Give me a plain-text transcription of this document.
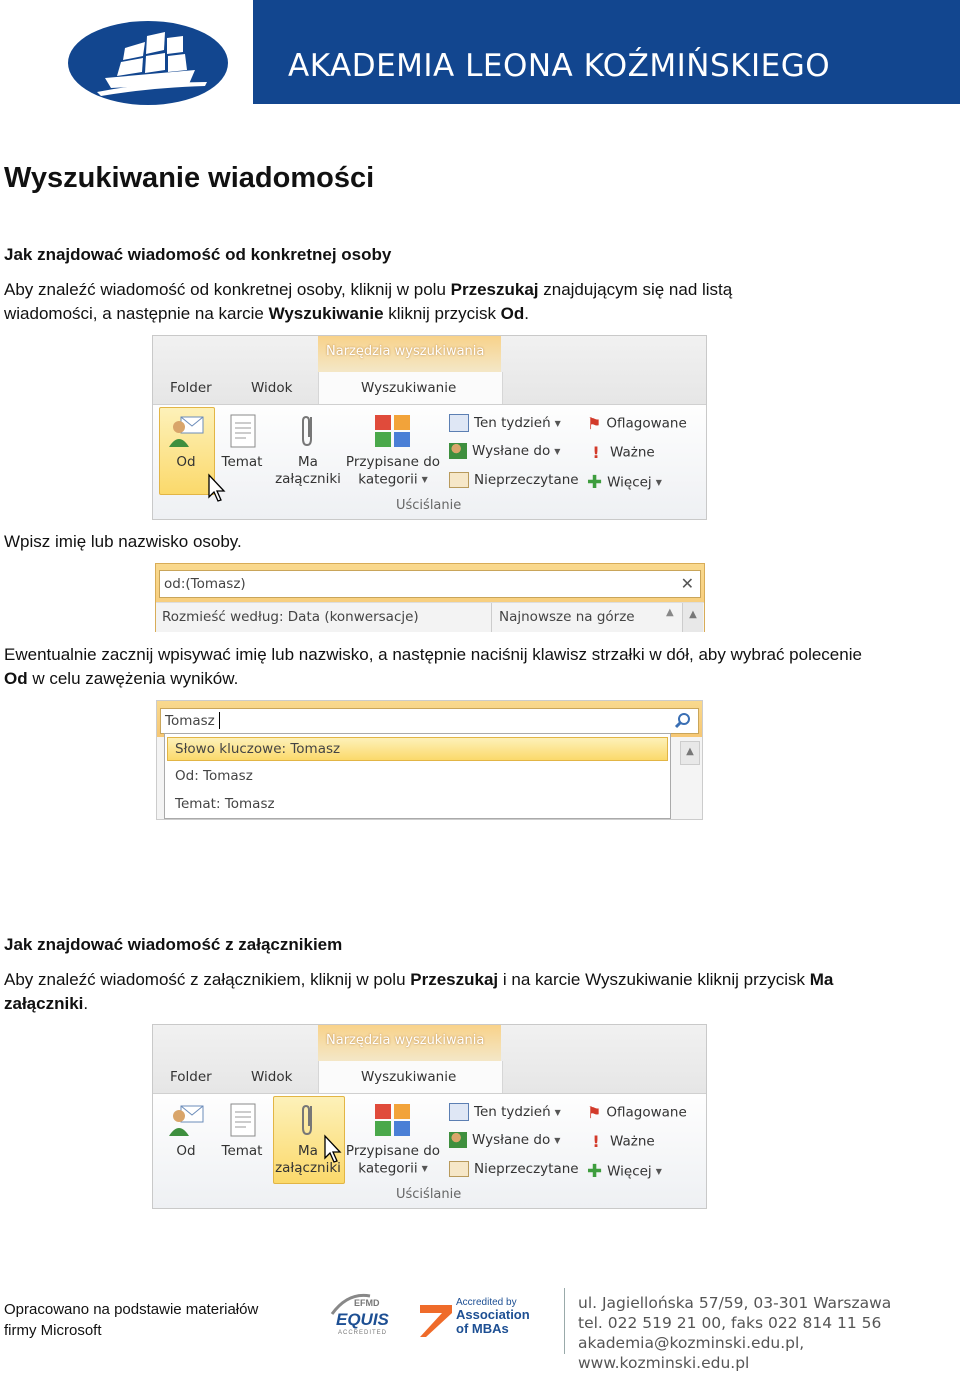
AKADEMIA LEONA KOŹMIŃSKIEGO
Wyszukiwanie wiadomości
Jak znajdować wiadomość od konkretnej osoby
Aby znaleźć wiadomość od konkretnej osoby, kliknij w polu Przeszukaj znajdującym się nad listą wiadomości, a następnie na karcie Wyszukiwanie kliknij przycisk Od.
Narzędzia wyszukiwania
Folder	Widok	Wyszukiwanie

Od	Temat	Ma
załączniki

Przypisane do
kategorii ▼
Ten tydzień ▼
Wysłane do ▼
Nieprzeczytane
⚑ Oflagowane
! Ważne
✚ Więcej ▼
Uściślanie
Wpisz imię lub nazwisko osoby.
od:(Tomasz)	✕
Rozmieść według: Data (konwersacje)	Najnowsze na górze	▲	▲
Ewentualnie zacznij wpisywać imię lub nazwisko, a następnie naciśnij klawisz strzałki w dół, aby wybrać polecenie Od w celu zawężenia wyników.
Tomasz
Słowo kluczowe: Tomasz
Od: Tomasz
Temat: Tomasz
▲
Jak znajdować wiadomość z załącznikiem
Aby znaleźć wiadomość z załącznikiem, kliknij w polu Przeszukaj i na karcie Wyszukiwanie kliknij przycisk Ma załączniki.
Narzędzia wyszukiwania
Folder	Widok	Wyszukiwanie

Od	Temat	Ma
załączniki

Przypisane do
kategorii ▼
Ten tydzień ▼
Wysłane do ▼
Nieprzeczytane
⚑ Oflagowane
! Ważne
✚ Więcej ▼
Uściślanie
Opracowano na podstawie materiałów
firmy Microsoft
EFMD
EQUIS
ACCREDITED
Accredited by
Association
of MBAs
ul. Jagiellońska 57/59, 03-301 Warszawa
tel. 022 519 21 00, faks 022 814 11 56
akademia@kozminski.edu.pl, www.kozminski.edu.pl
